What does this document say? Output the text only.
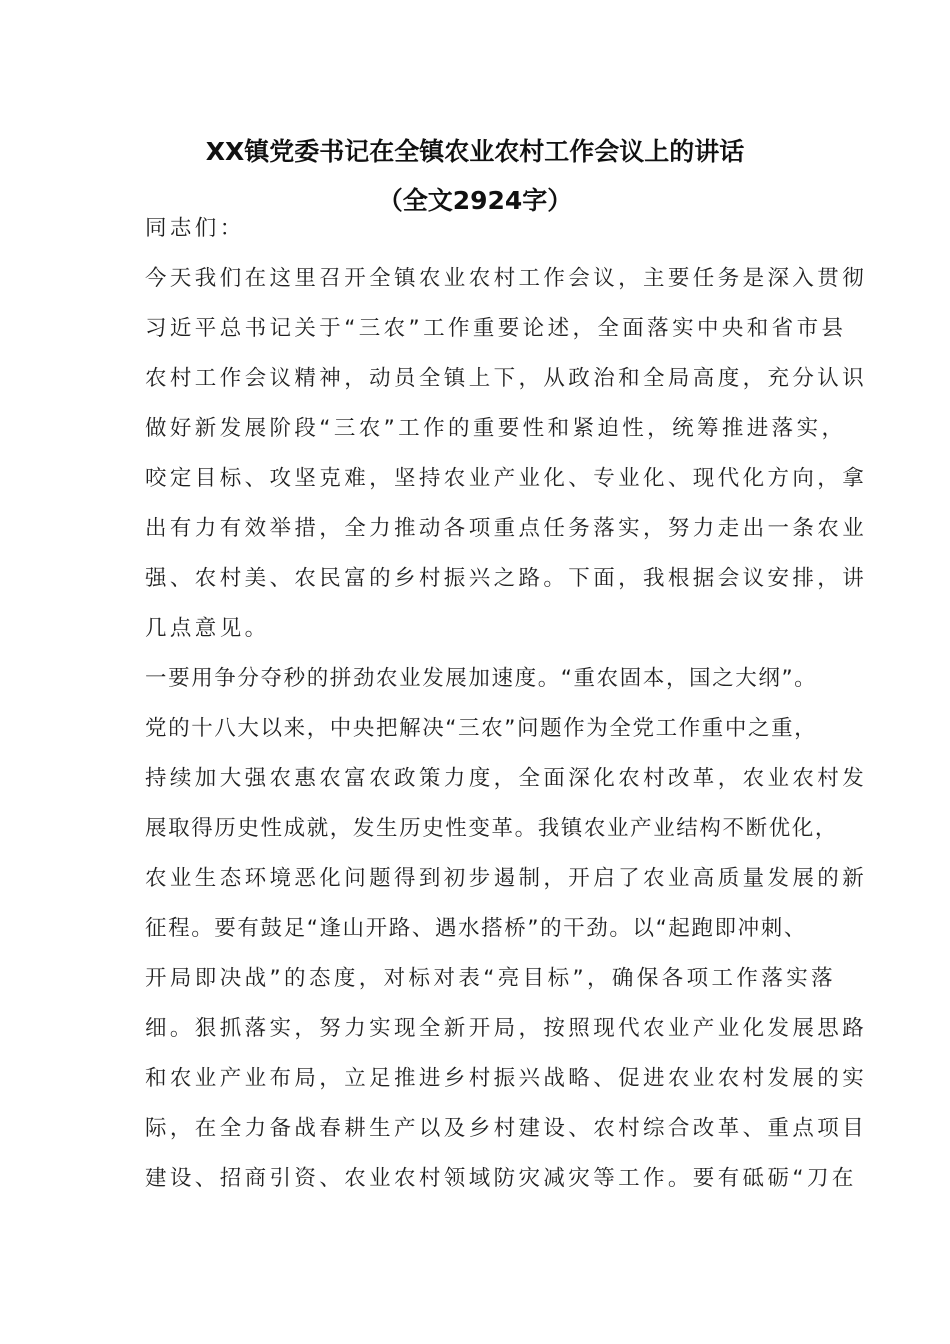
XX镇党委书记在全镇农业农村工作会议上的讲话
（全文2924字）
同志们：
今天我们在这里召开全镇农业农村工作会议，主要任务是深入贯彻
习近平总书记关于“三农”工作重要论述，全面落实中央和省市县
农村工作会议精神，动员全镇上下，从政治和全局高度，充分认识
做好新发展阶段“三农”工作的重要性和紧迫性，统筹推进落实，
咬定目标、攻坚克难，坚持农业产业化、专业化、现代化方向，拿
出有力有效举措，全力推动各项重点任务落实，努力走出一条农业
强、农村美、农民富的乡村振兴之路。下面，我根据会议安排，讲
几点意见。
一要用争分夺秒的拼劲农业发展加速度。“重农固本，国之大纲”。
党的十八大以来，中央把解决“三农”问题作为全党工作重中之重，
持续加大强农惠农富农政策力度，全面深化农村改革，农业农村发
展取得历史性成就，发生历史性变革。我镇农业产业结构不断优化，
农业生态环境恶化问题得到初步遏制，开启了农业高质量发展的新
征程。要有鼓足“逢山开路、遇水搭桥”的干劲。以“起跑即冲刺、
开局即决战”的态度，对标对表“亮目标”，确保各项工作落实落
细。狠抓落实，努力实现全新开局，按照现代农业产业化发展思路
和农业产业布局，立足推进乡村振兴战略、促进农业农村发展的实
际，在全力备战春耕生产以及乡村建设、农村综合改革、重点项目
建设、招商引资、农业农村领域防灾减灾等工作。要有砥砺“刀在
